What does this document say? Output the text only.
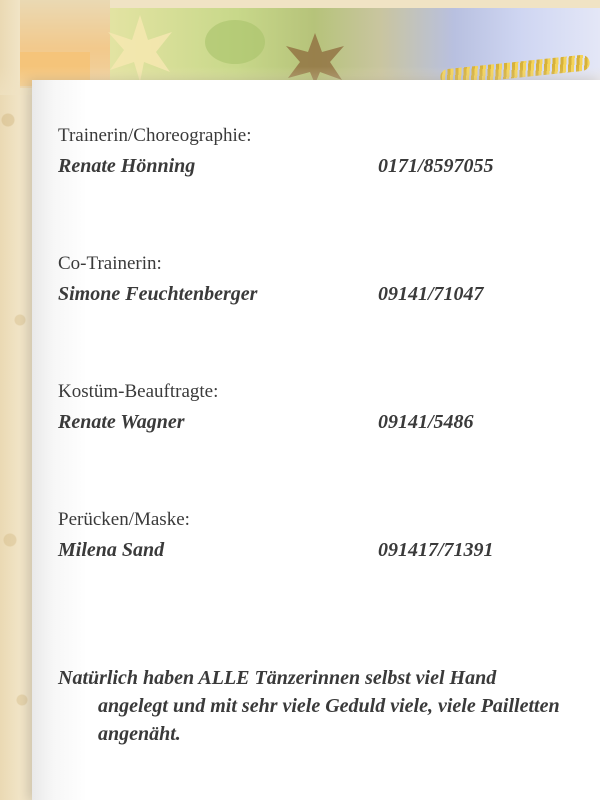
Trainerin/Choreographie:
Renate Hönning	0171/8597055
Co-Trainerin:
Simone Feuchtenberger	09141/71047
Kostüm-Beauftragte:
Renate Wagner	09141/5486
Perücken/Maske:
Milena Sand	091417/71391

Natürlich haben ALLE Tänzerinnen selbst viel Hand angelegt und mit sehr viele Geduld viele, viele Pailletten angenäht.
